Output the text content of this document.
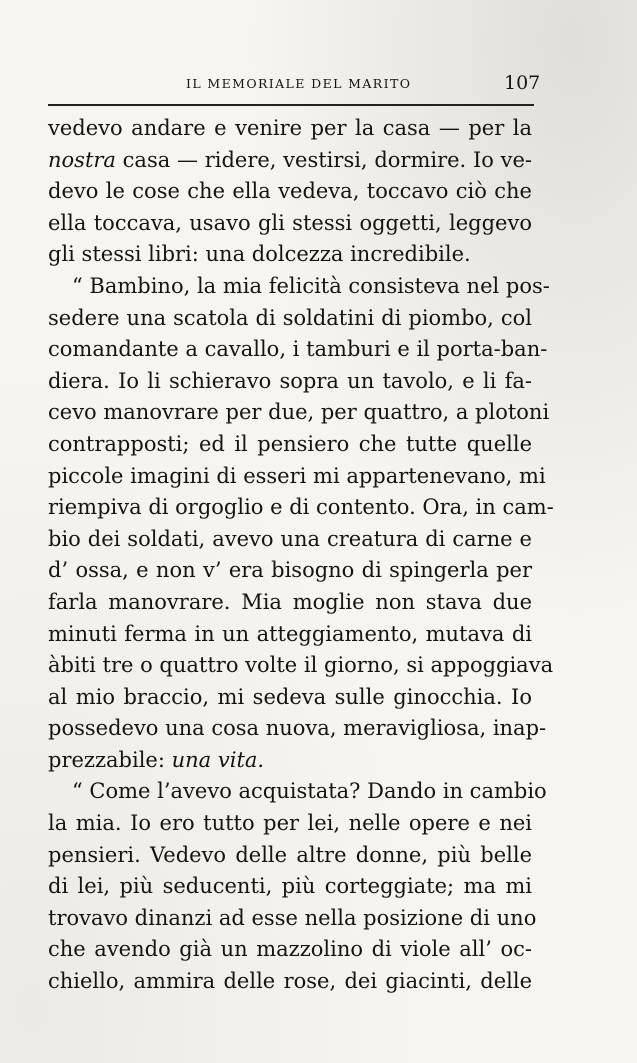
IL MEMORIALE DEL MARITO	107
vedevo andare e venire per la casa — per la
nostra casa — ridere, vestirsi, dormire. Io ve-
devo le cose che ella vedeva, toccavo ciò che
ella toccava, usavo gli stessi oggetti, leggevo
gli stessi libri: una dolcezza incredibile.
“ Bambino, la mia felicità consisteva nel pos-
sedere una scatola di soldatini di piombo, col
comandante a cavallo, i tamburi e il porta-ban-
diera. Io li schieravo sopra un tavolo, e li fa-
cevo manovrare per due, per quattro, a plotoni
contrapposti; ed il pensiero che tutte quelle
piccole imagini di esseri mi appartenevano, mi
riempiva di orgoglio e di contento. Ora, in cam-
bio dei soldati, avevo una creatura di carne e
d’ ossa, e non v’ era bisogno di spingerla per
farla manovrare. Mia moglie non stava due
minuti ferma in un atteggiamento, mutava di
àbiti tre o quattro volte il giorno, si appoggiava
al mio braccio, mi sedeva sulle ginocchia. Io
possedevo una cosa nuova, meravigliosa, inap-
prezzabile: una vita.
“ Come l’avevo acquistata? Dando in cambio
la mia. Io ero tutto per lei, nelle opere e nei
pensieri. Vedevo delle altre donne, più belle
di lei, più seducenti, più corteggiate; ma mi
trovavo dinanzi ad esse nella posizione di uno
che avendo già un mazzolino di viole all’ oc-
chiello, ammira delle rose, dei giacinti, delle
